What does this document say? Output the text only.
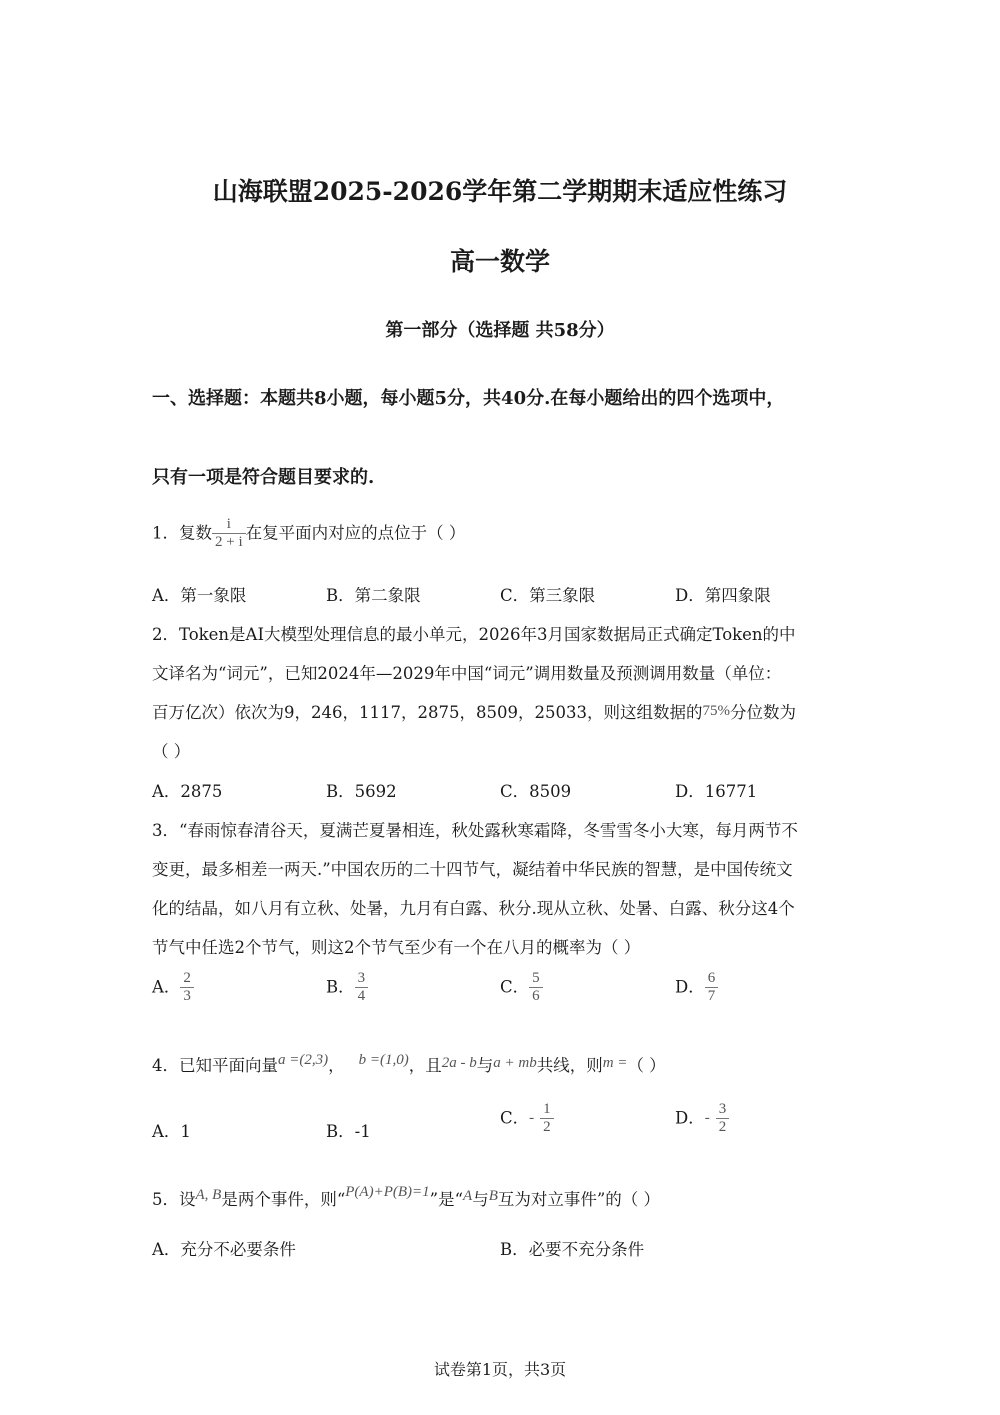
山海联盟2025-2026学年第二学期期末适应性练习
高一数学
第一部分（选择题 共58分）
一、选择题：本题共8小题，每小题5分，共40分.在每小题给出的四个选项中，
只有一项是符合题目要求的.
1．复数 $\frac{i}{2 + i}$ 在复平面内对应的点位于（ ）
A．第一象限	B．第二象限	C．第三象限	D．第四象限
2．Token是AI大模型处理信息的最小单元，2026年3月国家数据局正式确定Token的中
文译名为“词元”，已知2024年—2029年中国“词元”调用数量及预测调用数量（单位：
百万亿次）依次为9，246，1117，2875，8509，25033，则这组数据的75%分位数为
（ ）
A．2875	B．5692	C．8509	D．16771
3．“春雨惊春清谷天，夏满芒夏暑相连，秋处露秋寒霜降，冬雪雪冬小大寒，每月两节不
变更，最多相差一两天.”中国农历的二十四节气，凝结着中华民族的智慧，是中国传统文
化的结晶，如八月有立秋、处暑，九月有白露、秋分.现从立秋、处暑、白露、秋分这4个
节气中任选2个节气，则这2个节气至少有一个在八月的概率为（ ）
A． $\frac{2}{3}$	B． $\frac{3}{4}$	C． $\frac{5}{6}$	D． $\frac{6}{7}$
4．已知平面向量a =(2,3)， b =(1,0)，且2a - b与a + mb共线，则m =（ ）
A．1	B．-1
C．- $\frac{1}{2}$	D．- $\frac{3}{2}$
5．设A, B是两个事件，则“P(A)+P(B)=1”是“A与B互为对立事件”的（ ）
A．充分不必要条件	B．必要不充分条件
试卷第1页，共3页
